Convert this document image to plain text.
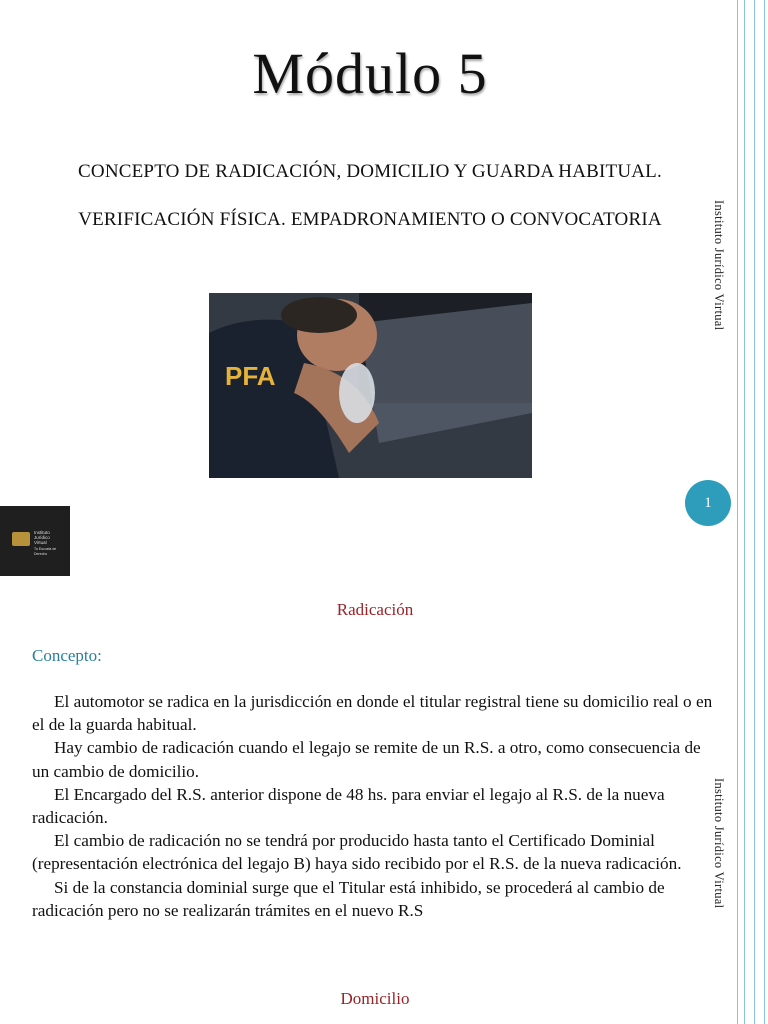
Módulo 5
CONCEPTO DE RADICACIÓN, DOMICILIO Y GUARDA HABITUAL.
VERIFICACIÓN FÍSICA. EMPADRONAMIENTO O CONVOCATORIA	Instituto Jurídico Virtual
PFA
1
Instituto
Jurídico
Virtual
Tu Escuela de Derecho
Radicación
Concepto:

El automotor se radica en la jurisdicción en donde el titular registral tiene su domicilio real o en el de la guarda habitual.

Hay cambio de radicación cuando el legajo se remite de un R.S. a otro, como consecuencia de un cambio de domicilio.

El Encargado del R.S. anterior dispone de 48 hs. para enviar el legajo al R.S. de la nueva radicación.

El cambio de radicación no se tendrá por producido hasta tanto el Certificado Dominial (representación electrónica del legajo B) haya sido recibido por el R.S. de la nueva radicación.

Si de la constancia dominial surge que el Titular está inhibido, se procederá al cambio de radicación pero no se realizarán trámites en el nuevo R.S

Instituto Jurídico Virtual
Domicilio
